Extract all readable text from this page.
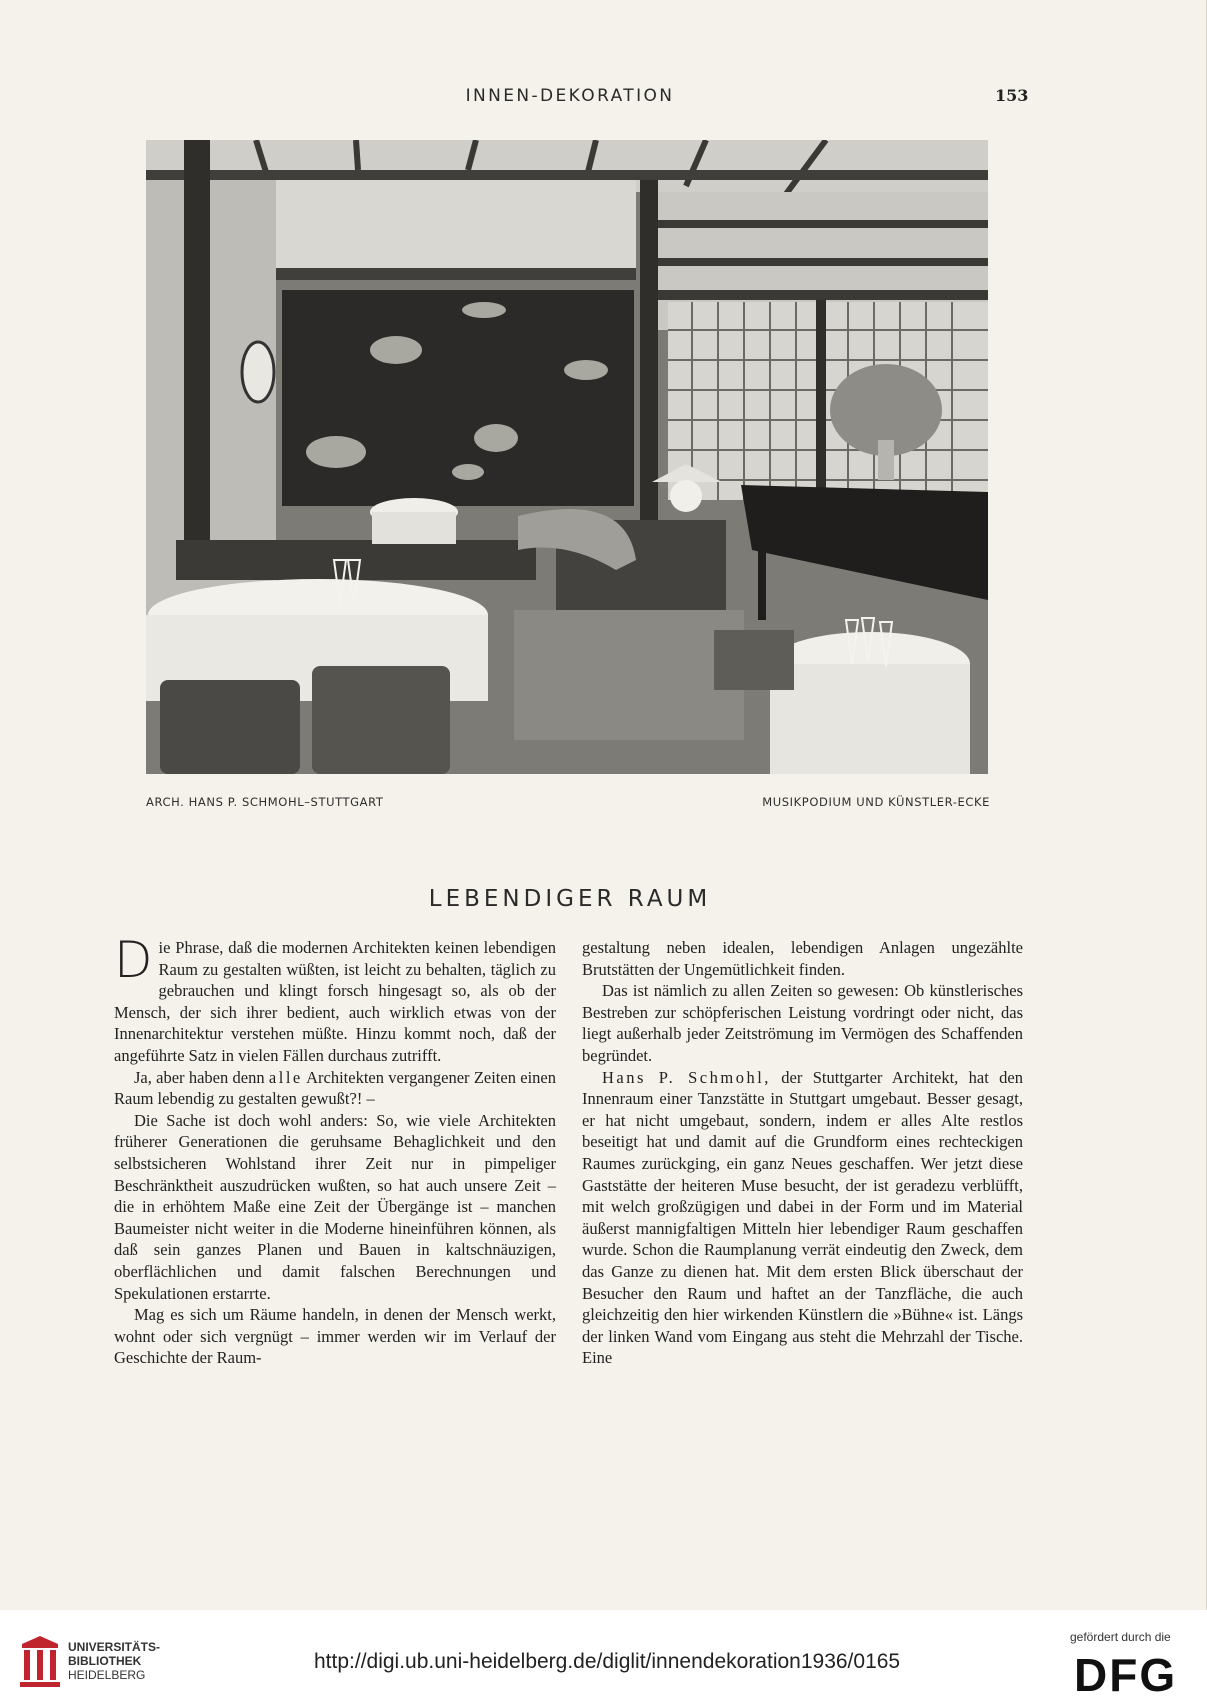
INNEN-DEKORATION	153
ARCH. HANS P. SCHMOHL–STUTTGART	MUSIKPODIUM UND KÜNSTLER-ECKE
LEBENDIGER RAUM

Die Phrase, daß die modernen Architekten keinen lebendigen Raum zu gestalten wüßten, ist leicht zu behalten, täglich zu gebrauchen und klingt forsch hingesagt so, als ob der Mensch, der sich ihrer bedient, auch wirklich etwas von der Innenarchitektur verstehen müßte. Hinzu kommt noch, daß der angeführte Satz in vielen Fällen durchaus zutrifft.

Ja, aber haben denn alle Architekten vergangener Zeiten einen Raum lebendig zu gestalten gewußt?! –

Die Sache ist doch wohl anders: So, wie viele Architekten früherer Generationen die geruhsame Behaglichkeit und den selbstsicheren Wohlstand ihrer Zeit nur in pimpeliger Beschränktheit auszudrücken wußten, so hat auch unsere Zeit – die in erhöhtem Maße eine Zeit der Übergänge ist – manchen Baumeister nicht weiter in die Moderne hineinführen können, als daß sein ganzes Planen und Bauen in kaltschnäuzigen, oberflächlichen und damit falschen Berechnungen und Spekulationen erstarrte.

Mag es sich um Räume handeln, in denen der Mensch werkt, wohnt oder sich vergnügt – immer werden wir im Verlauf der Geschichte der Raum-

gestaltung neben idealen, lebendigen Anlagen ungezählte Brutstätten der Ungemütlichkeit finden.

Das ist nämlich zu allen Zeiten so gewesen: Ob künstlerisches Bestreben zur schöpferischen Leistung vordringt oder nicht, das liegt außerhalb jeder Zeitströmung im Vermögen des Schaffenden begründet.

Hans P. Schmohl, der Stuttgarter Architekt, hat den Innenraum einer Tanzstätte in Stuttgart umgebaut. Besser gesagt, er hat nicht umgebaut, sondern, indem er alles Alte restlos beseitigt hat und damit auf die Grundform eines rechteckigen Raumes zurückging, ein ganz Neues geschaffen. Wer jetzt diese Gaststätte der heiteren Muse besucht, der ist geradezu verblüfft, mit welch großzügigen und dabei in der Form und im Material äußerst mannigfaltigen Mitteln hier lebendiger Raum geschaffen wurde. Schon die Raumplanung verrät eindeutig den Zweck, dem das Ganze zu dienen hat. Mit dem ersten Blick überschaut der Besucher den Raum und haftet an der Tanzfläche, die auch gleichzeitig den hier wirkenden Künstlern die »Bühne« ist. Längs der linken Wand vom Eingang aus steht die Mehrzahl der Tische. Eine

UNIVERSITÄTS-
BIBLIOTHEK
HEIDELBERG
http://digi.ub.uni-heidelberg.de/diglit/innendekoration1936/0165
gefördert durch die
DFG
